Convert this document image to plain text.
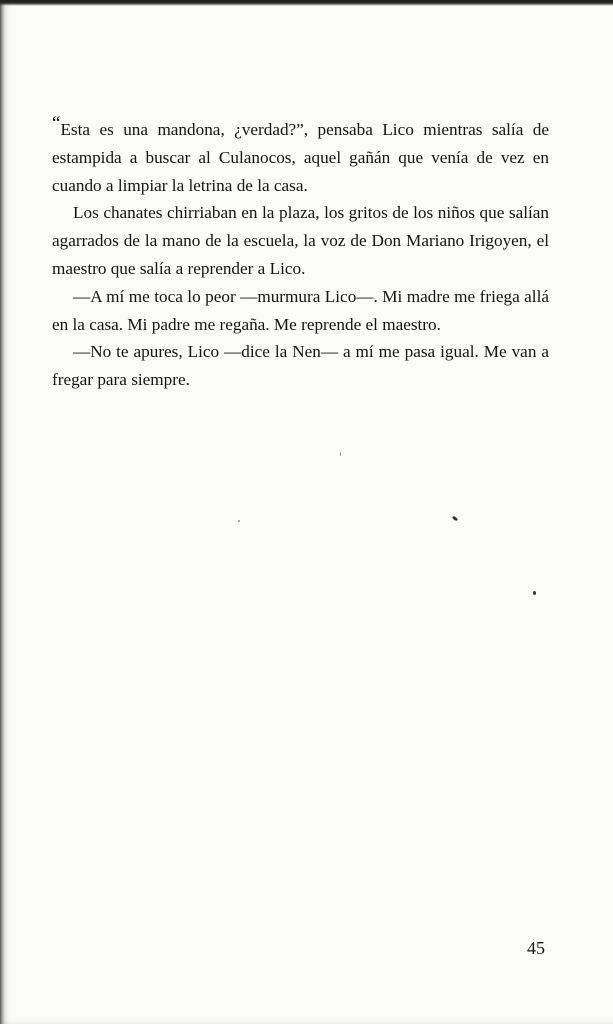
“Esta es una mandona, ¿verdad?”, pensaba Lico mientras salía de estampida a buscar al Culanocos, aquel gañán que venía de vez en cuando a limpiar la letrina de la casa.

Los chanates chirriaban en la plaza, los gritos de los niños que salían agarrados de la mano de la escuela, la voz de Don Mariano Irigoyen, el maestro que salía a reprender a Lico.

—A mí me toca lo peor —murmura Lico—. Mi madre me friega allá en la casa. Mi padre me regaña. Me reprende el maestro.

—No te apures, Lico —dice la Nen— a mí me pasa igual. Me van a fregar para siempre.

45
